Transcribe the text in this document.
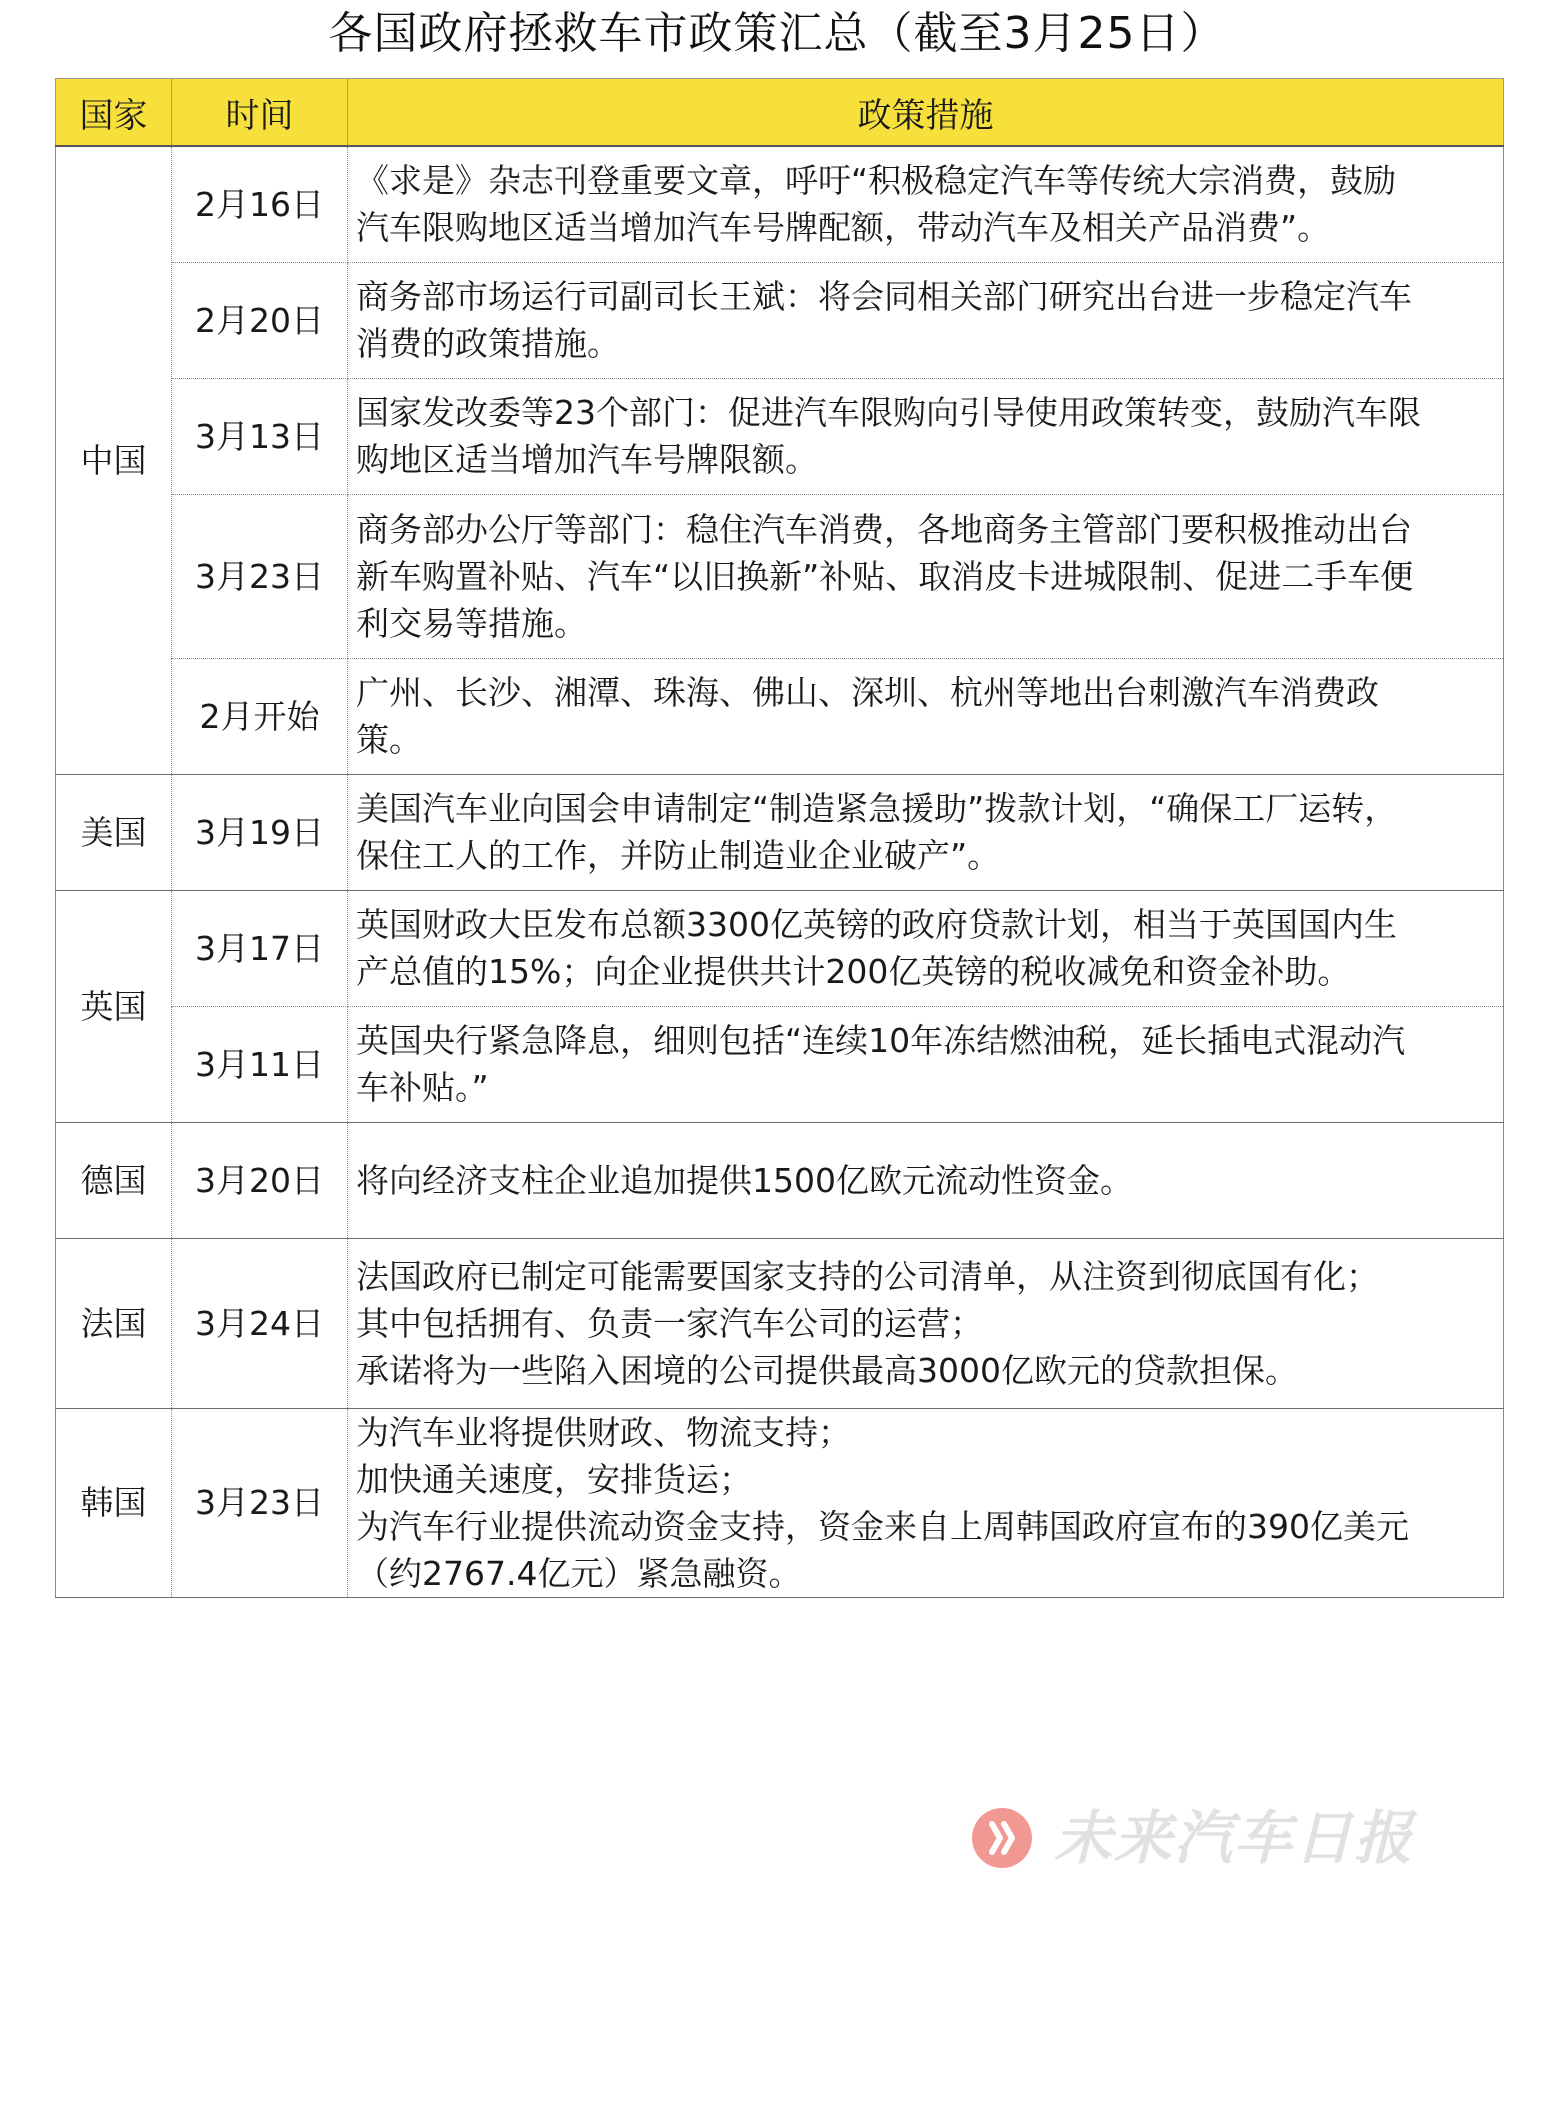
各国政府拯救车市政策汇总（截至3月25日）
国家	时间	政策措施
中国	2月16日	《求是》杂志刊登重要文章，呼吁“积极稳定汽车等传统大宗消费，鼓励
汽车限购地区适当增加汽车号牌配额，带动汽车及相关产品消费”。

	2月20日	商务部市场运行司副司长王斌：将会同相关部门研究出台进一步稳定汽车
消费的政策措施。

	3月13日	国家发改委等23个部门：促进汽车限购向引导使用政策转变，鼓励汽车限
购地区适当增加汽车号牌限额。

	3月23日	商务部办公厅等部门：稳住汽车消费，各地商务主管部门要积极推动出台
新车购置补贴、汽车“以旧换新”补贴、取消皮卡进城限制、促进二手车便
利交易等措施。

	2月开始	广州、长沙、湘潭、珠海、佛山、深圳、杭州等地出台刺激汽车消费政
策。

美国	3月19日	美国汽车业向国会申请制定“制造紧急援助”拨款计划，“确保工厂运转，
保住工人的工作，并防止制造业企业破产”。

英国	3月17日	英国财政大臣发布总额3300亿英镑的政府贷款计划，相当于英国国内生
产总值的15%；向企业提供共计200亿英镑的税收减免和资金补助。

	3月11日	英国央行紧急降息，细则包括“连续10年冻结燃油税，延长插电式混动汽
车补贴。”

德国	3月20日	将向经济支柱企业追加提供1500亿欧元流动性资金。

法国	3月24日	法国政府已制定可能需要国家支持的公司清单，从注资到彻底国有化；
其中包括拥有、负责一家汽车公司的运营；
承诺将为一些陷入困境的公司提供最高3000亿欧元的贷款担保。

韩国	3月23日	为汽车业将提供财政、物流支持；
加快通关速度，安排货运；
为汽车行业提供流动资金支持，资金来自上周韩国政府宣布的390亿美元
（约2767.4亿元）紧急融资。
未来汽车日报
